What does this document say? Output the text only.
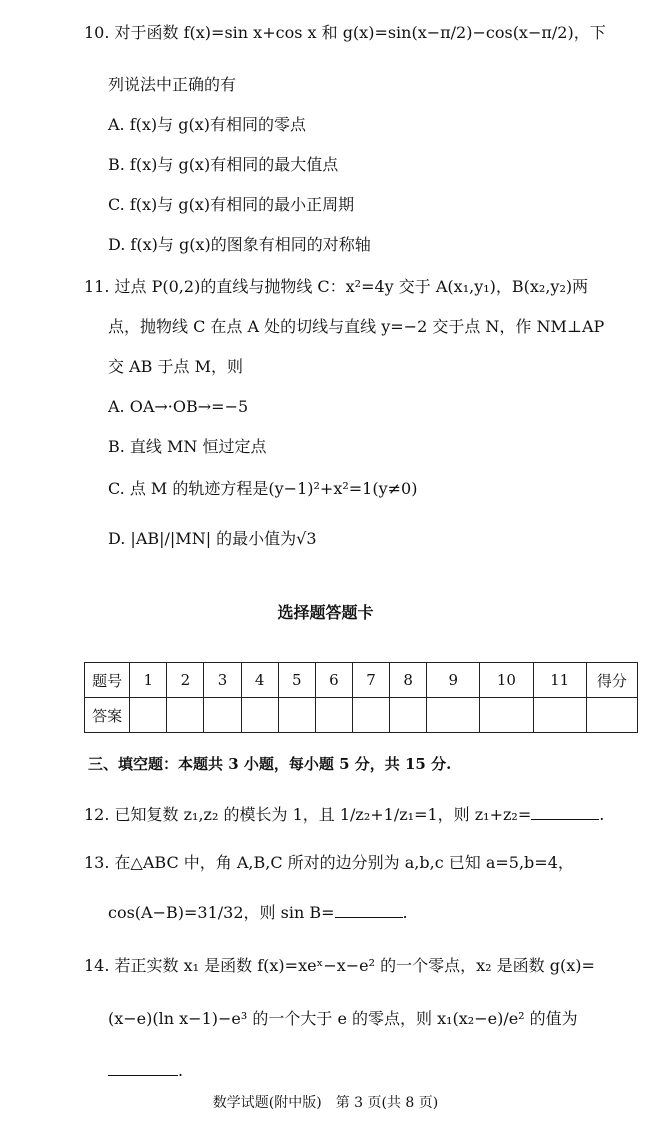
10. 对于函数 f(x)=sin x+cos x 和 g(x)=sin(x−π/2)−cos(x−π/2)，下
列说法中正确的有
A. f(x)与 g(x)有相同的零点
B. f(x)与 g(x)有相同的最大值点
C. f(x)与 g(x)有相同的最小正周期
D. f(x)与 g(x)的图象有相同的对称轴
11. 过点 P(0,2)的直线与抛物线 C：x²=4y 交于 A(x₁,y₁)，B(x₂,y₂)两
点，抛物线 C 在点 A 处的切线与直线 y=−2 交于点 N，作 NM⊥AP
交 AB 于点 M，则
A. OA→·OB→=−5
B. 直线 MN 恒过定点
C. 点 M 的轨迹方程是(y−1)²+x²=1(y≠0)
D. |AB|/|MN| 的最小值为√3
选择题答题卡
题号	1	2	3	4	5	6	7	8	9	10	11	得分
答案												
三、填空题：本题共 3 小题，每小题 5 分，共 15 分.
12. 已知复数 z₁,z₂ 的模长为 1，且 1/z₂+1/z₁=1，则 z₁+z₂=	.
13. 在△ABC 中，角 A,B,C 所对的边分别为 a,b,c 已知 a=5,b=4，
cos(A−B)=31/32，则 sin B=	.
14. 若正实数 x₁ 是函数 f(x)=xeˣ−x−e² 的一个零点，x₂ 是函数 g(x)=
(x−e)(ln x−1)−e³ 的一个大于 e 的零点，则 x₁(x₂−e)/e² 的值为
.
数学试题(附中版)　第 3 页(共 8 页)
